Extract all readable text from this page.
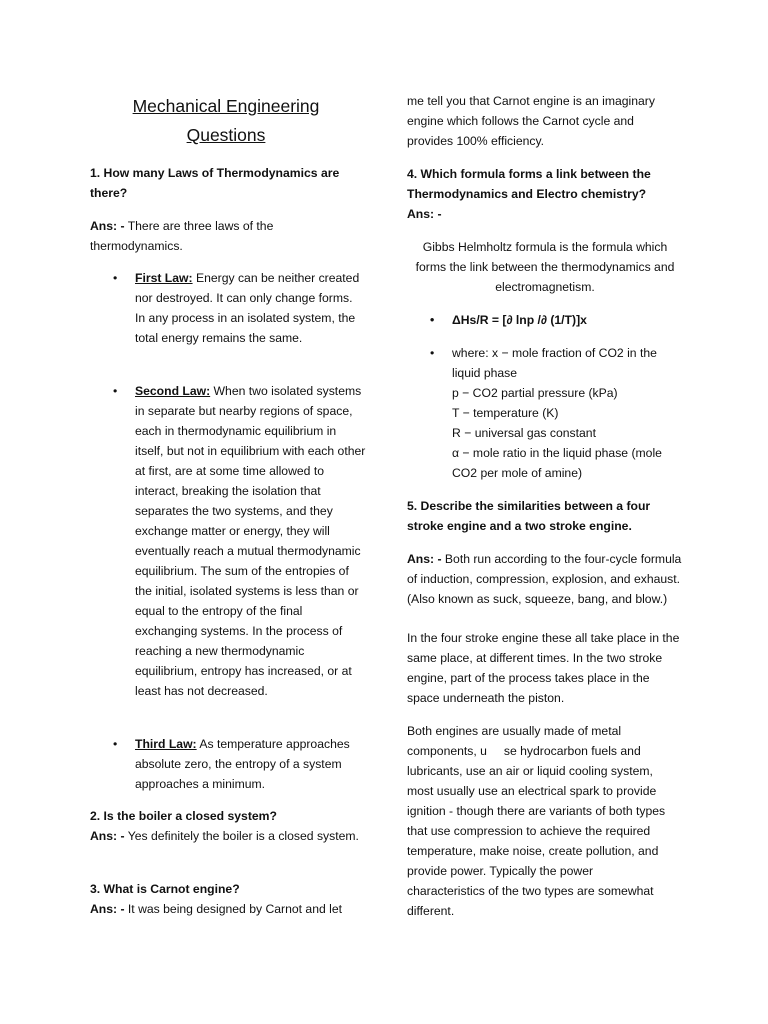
Mechanical Engineering
Questions

1. How many Laws of Thermodynamics are there?

Ans: - There are three laws of the thermodynamics.

• First Law: Energy can be neither created nor destroyed. It can only change forms. In any process in an isolated system, the total energy remains the same.
• Second Law: When two isolated systems in separate but nearby regions of space, each in thermodynamic equilibrium in itself, but not in equilibrium with each other at first, are at some time allowed to interact, breaking the isolation that separates the two systems, and they exchange matter or energy, they will eventually reach a mutual thermodynamic equilibrium. The sum of the entropies of the initial, isolated systems is less than or equal to the entropy of the final exchanging systems. In the process of reaching a new thermodynamic equilibrium, entropy has increased, or at least has not decreased.
• Third Law: As temperature approaches absolute zero, the entropy of a system approaches a minimum.

2. Is the boiler a closed system?

Ans: - Yes definitely the boiler is a closed system.

3. What is Carnot engine?

Ans: - It was being designed by Carnot and let

me tell you that Carnot engine is an imaginary engine which follows the Carnot cycle and provides 100% efficiency.

4. Which formula forms a link between the Thermodynamics and Electro chemistry?
Ans: -

Gibbs Helmholtz formula is the formula which forms the link between the thermodynamics and electromagnetism.

• ΔHs/R = [∂ lnp /∂ (1/T)]x
• where: x − mole fraction of CO2 in the liquid phase
p − CO2 partial pressure (kPa)
T − temperature (K)
R − universal gas constant
α − mole ratio in the liquid phase (mole CO2 per mole of amine)

5. Describe the similarities between a four stroke engine and a two stroke engine.

Ans: - Both run according to the four-cycle formula of induction, compression, explosion, and exhaust. (Also known as suck, squeeze, bang, and blow.)

In the four stroke engine these all take place in the same place, at different times. In the two stroke engine, part of the process takes place in the space underneath the piston.

Both engines are usually made of metal components, u     se hydrocarbon fuels and lubricants, use an air or liquid cooling system, most usually use an electrical spark to provide ignition - though there are variants of both types that use compression to achieve the required temperature, make noise, create pollution, and provide power. Typically the power characteristics of the two types are somewhat different.
